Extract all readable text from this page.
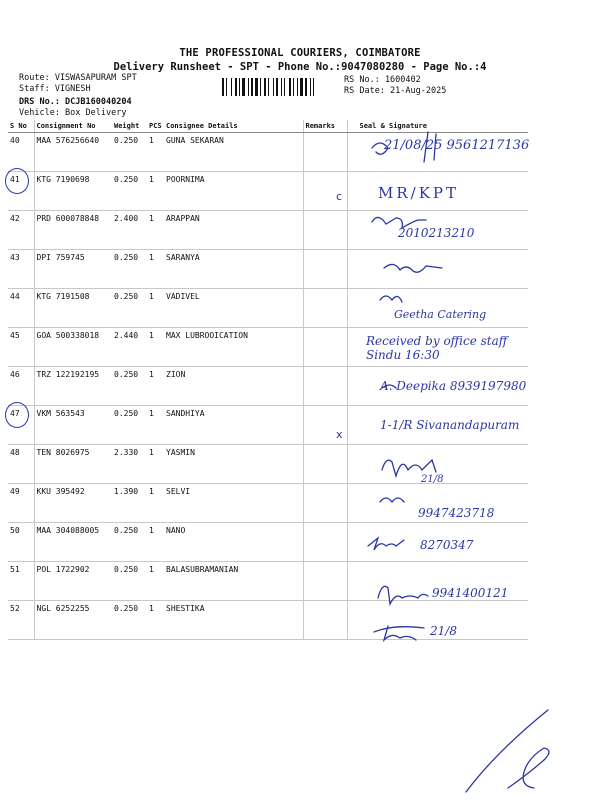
THE PROFESSIONAL COURIERS, COIMBATORE
Delivery Runsheet - SPT - Phone No.:9047080280 - Page No.:4
Route: VISWASAPURAM SPT
Staff: VIGNESH
DRS No.: DCJB160040204
Vehicle: Box Delivery
RS No.: 1600402
RS Date: 21-Aug-2025
S No	Consignment No	Weight	PCS	Consignee Details	Remarks	Seal & Signature
40	MAA 576256640	0.250	1	GUNA SEKARAN		
41	KTG 7190698	0.250	1	POORNIMA		
42	PRD 600078848	2.400	1	ARAPPAN		
43	DPI 759745	0.250	1	SARANYA		
44	KTG 7191508	0.250	1	VADIVEL		
45	GOA 500338018	2.440	1	MAX LUBROOICATION		
46	TRZ 122192195	0.250	1	ZION		
47	VKM 563543	0.250	1	SANDHIYA		
48	TEN 8026975	2.330	1	YASMIN		
49	KKU 395492	1.390	1	SELVI		
50	MAA 304088005	0.250	1	NANO		
51	POL 1722902	0.250	1	BALASUBRAMANIAN		
52	NGL 6252255	0.250	1	SHESTIKA		
c
x
21/08/25 9561217136
MR/KPT
2010213210
Geetha Catering
Received by office staff Sindu 16:30
A. Deepika 8939197980
1-1/R Sivanandapuram
21/8
9947423718
8270347
9941400121
21/8
